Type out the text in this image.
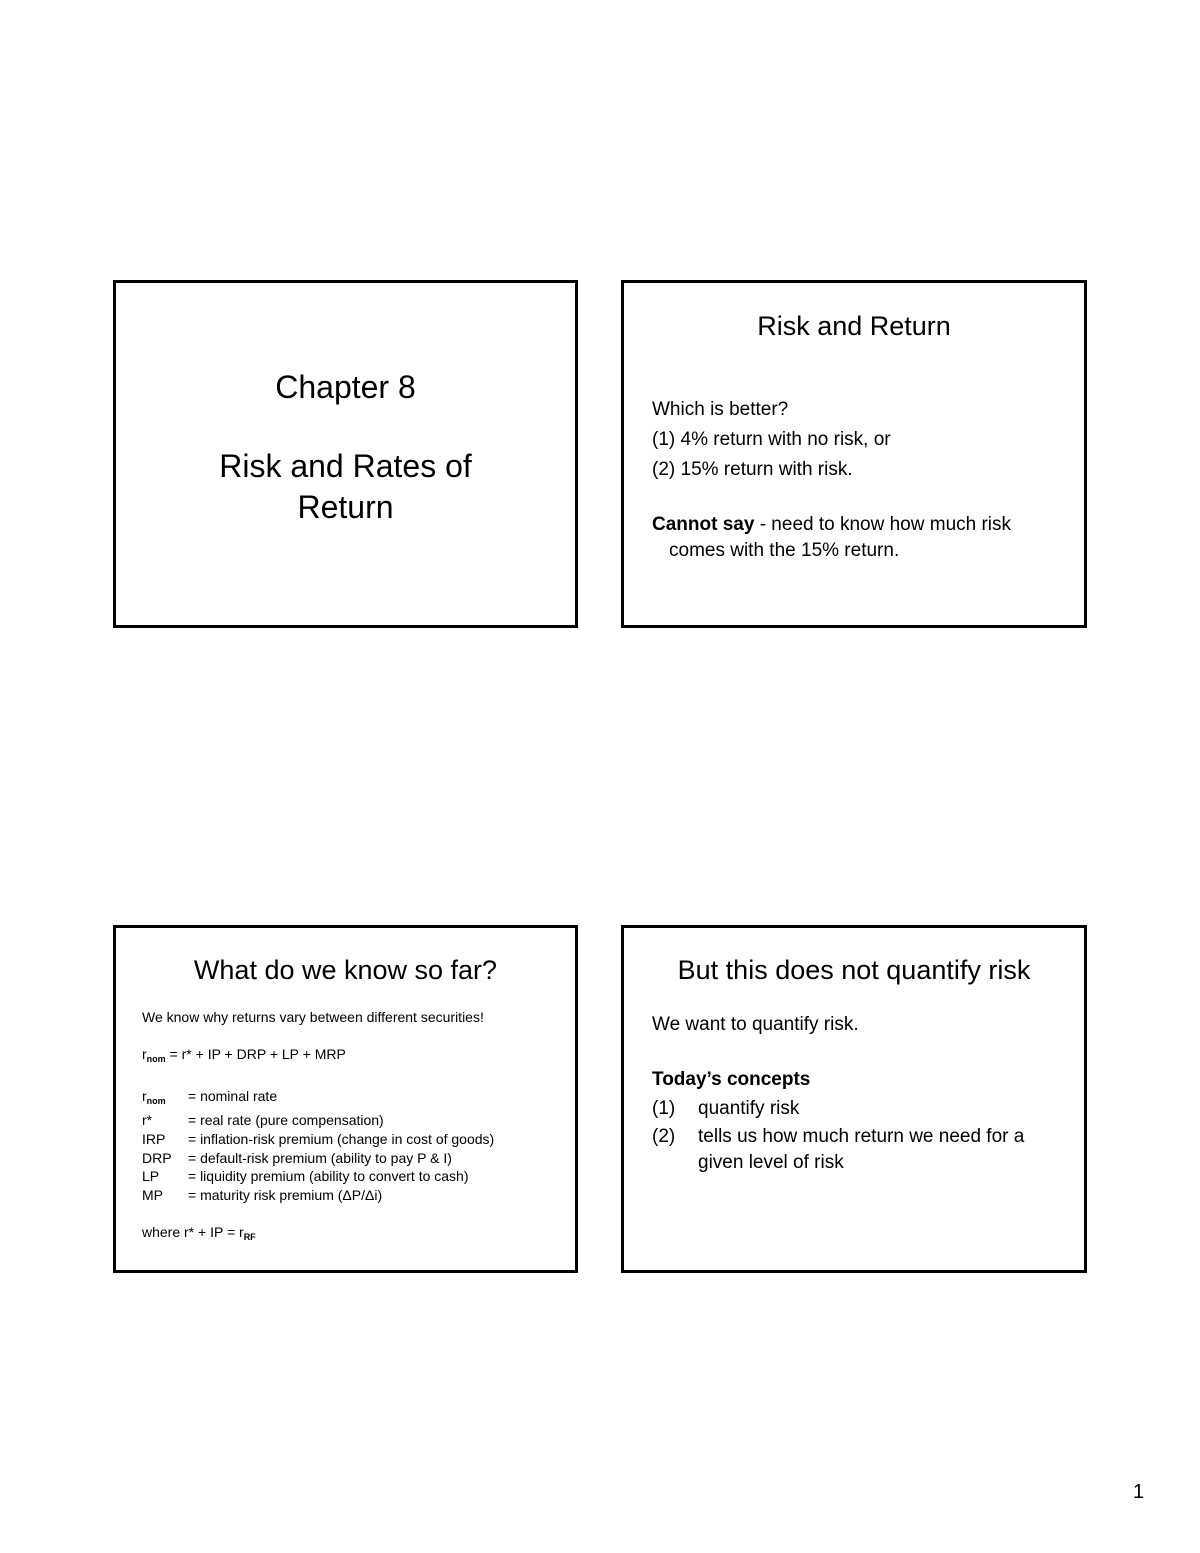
Chapter 8
Risk and Rates of
Return
Risk and Return
Which is better?
(1) 4% return with no risk, or
(2) 15% return with risk.
Cannot say - need to know how much risk comes with the 15% return.
What do we know so far?
We know why returns vary between different securities!
$r_{nom} = r*$ + IP + DRP + LP + MRP
$r_{nom}$	= nominal rate
r*	= real rate (pure compensation)
IRP	= inflation-risk premium (change in cost of goods)
DRP	= default-risk premium (ability to pay P & I)
LP	= liquidity premium (ability to convert to cash)
MP	= maturity risk premium (ΔP/Δi)
where r* + IP = $r_{RF}$
But this does not quantify risk
We want to quantify risk.
Today’s concepts
(1)	quantify risk
(2)	tells us how much return we need for a given level of risk
1
